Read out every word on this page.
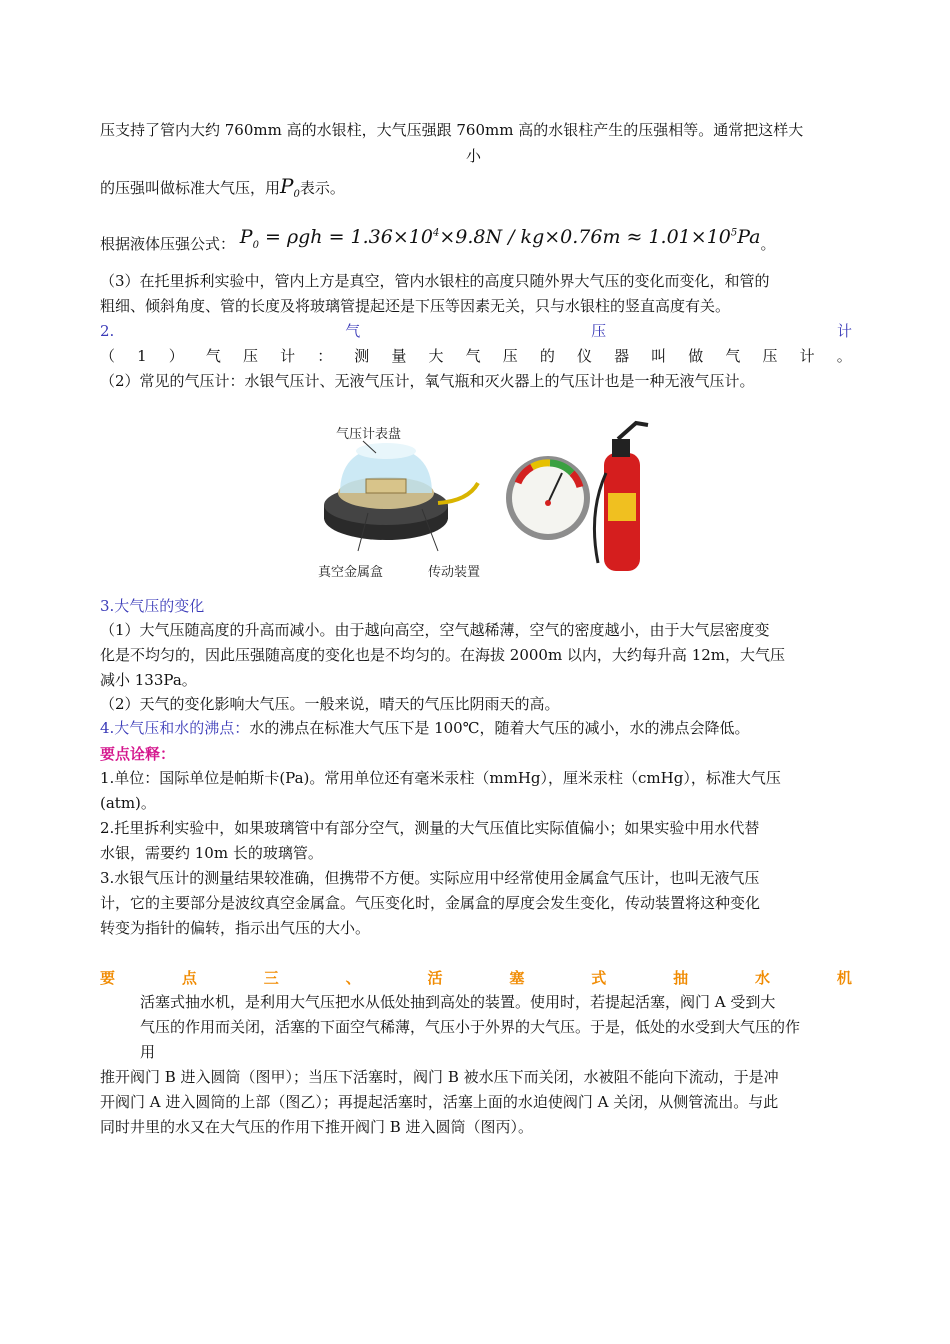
压支持了管内大约 760mm 高的水银柱，大气压强跟 760mm 高的水银柱产生的压强相等。通常把这样大
小
的压强叫做标准大气压，用$P_0$表示。
根据液体压强公式： $P_0 = \rho gh = 1.36\times 10^4\times 9.8N / kg\times 0.76m \approx 1.01\times 10^5Pa$。
（3）在托里拆利实验中，管内上方是真空，管内水银柱的高度只随外界大气压的变化而变化，和管的
粗细、倾斜角度、管的长度及将玻璃管提起还是下压等因素无关，只与水银柱的竖直高度有关。
2.	气	压	计
（ 1 ） 气 压 计 ： 测 量 大 气 压 的 仪 器 叫 做 气 压 计 。
（2）常见的气压计：水银气压计、无液气压计，氧气瓶和灭火器上的气压计也是一种无液气压计。
气压计表盘
真空金属盒	传动装置
3.大气压的变化
（1）大气压随高度的升高而减小。由于越向高空，空气越稀薄，空气的密度越小，由于大气层密度变
化是不均匀的，因此压强随高度的变化也是不均匀的。在海拔 2000m 以内，大约每升高 12m，大气压
减小 133Pa。
（2）天气的变化影响大气压。一般来说，晴天的气压比阴雨天的高。
4.大气压和水的沸点：水的沸点在标准大气压下是 100℃，随着大气压的减小，水的沸点会降低。
要点诠释：
1.单位：国际单位是帕斯卡(Pa)。常用单位还有毫米汞柱（mmHg），厘米汞柱（cmHg），标准大气压
(atm)。
2.托里拆利实验中，如果玻璃管中有部分空气，测量的大气压值比实际值偏小；如果实验中用水代替
水银，需要约 10m 长的玻璃管。
3.水银气压计的测量结果较准确，但携带不方便。实际应用中经常使用金属盒气压计，也叫无液气压
计，它的主要部分是波纹真空金属盒。气压变化时，金属盒的厚度会发生变化，传动装置将这种变化
转变为指针的偏转，指示出气压的大小。
要	点	三	、	活	塞	式	抽	水	机
活塞式抽水机，是利用大气压把水从低处抽到高处的装置。使用时，若提起活塞，阀门 A 受到大
气压的作用而关闭，活塞的下面空气稀薄，气压小于外界的大气压。于是，低处的水受到大气压的作
用
推开阀门 B 进入圆筒（图甲）；当压下活塞时，阀门 B 被水压下而关闭，水被阻不能向下流动，于是冲
开阀门 A 进入圆筒的上部（图乙）；再提起活塞时，活塞上面的水迫使阀门 A 关闭，从侧管流出。与此
同时井里的水又在大气压的作用下推开阀门 B 进入圆筒（图丙）。
